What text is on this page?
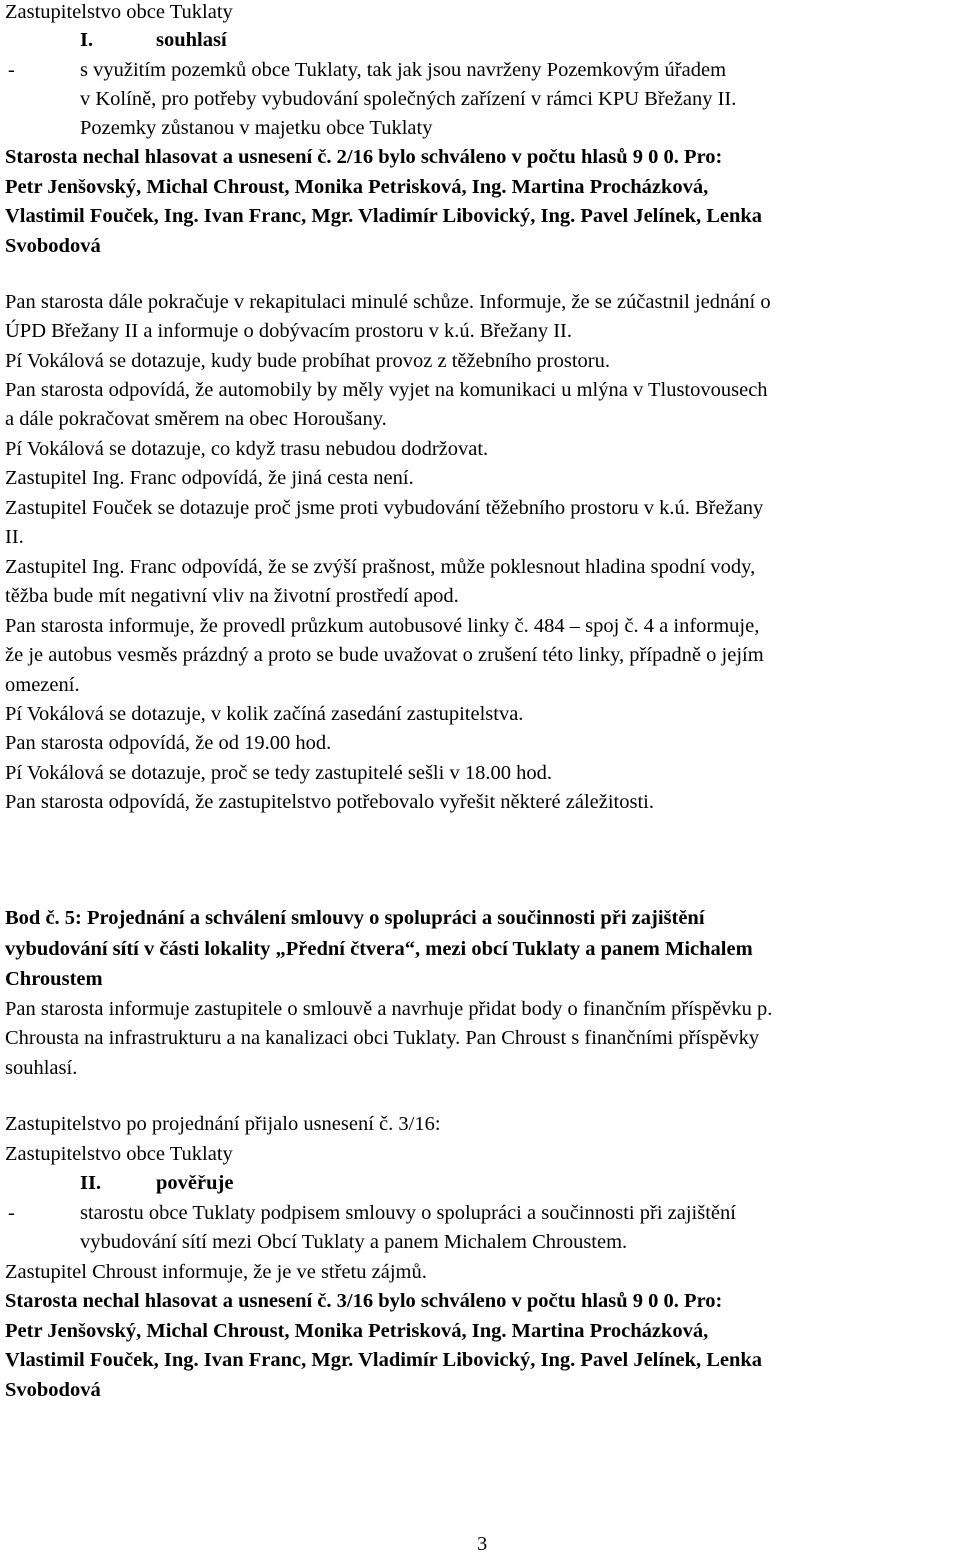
Zastupitelstvo obce Tuklaty
I.	souhlasí
-	s využitím pozemků obce Tuklaty, tak jak jsou navrženy Pozemkovým úřadem
v Kolíně, pro potřeby vybudování společných zařízení v rámci KPU Břežany II.
Pozemky zůstanou v majetku obce Tuklaty
Starosta nechal hlasovat a usnesení č. 2/16 bylo schváleno v počtu hlasů 9 0 0. Pro:
Petr Jenšovský, Michal Chroust, Monika Petrisková, Ing. Martina Procházková,
Vlastimil Fouček, Ing. Ivan Franc, Mgr. Vladimír Libovický, Ing. Pavel Jelínek, Lenka
Svobodová
Pan starosta dále pokračuje v rekapitulaci minulé schůze. Informuje, že se zúčastnil jednání o
ÚPD Břežany II a informuje o dobývacím prostoru v k.ú. Břežany II.
Pí Vokálová se dotazuje, kudy bude probíhat provoz z těžebního prostoru.
Pan starosta odpovídá, že automobily by měly vyjet na komunikaci u mlýna v Tlustovousech
a dále pokračovat směrem na obec Horoušany.
Pí Vokálová se dotazuje, co když trasu nebudou dodržovat.
Zastupitel Ing. Franc odpovídá, že jiná cesta není.
Zastupitel Fouček se dotazuje proč jsme proti vybudování těžebního prostoru v k.ú. Břežany
II.
Zastupitel Ing. Franc odpovídá, že se zvýší prašnost, může poklesnout hladina spodní vody,
těžba bude mít negativní vliv na životní prostředí apod.
Pan starosta informuje, že provedl průzkum autobusové linky č. 484 – spoj č. 4 a informuje,
že je autobus vesměs prázdný a proto se bude uvažovat o zrušení této linky, případně o jejím
omezení.
Pí Vokálová se dotazuje, v kolik začíná zasedání zastupitelstva.
Pan starosta odpovídá, že od 19.00 hod.
Pí Vokálová se dotazuje, proč se tedy zastupitelé sešli v 18.00 hod.
Pan starosta odpovídá, že zastupitelstvo potřebovalo vyřešit některé záležitosti.
Bod č. 5: Projednání a schválení smlouvy o spolupráci a součinnosti při zajištění
vybudování sítí v části lokality „Přední čtvera“, mezi obcí Tuklaty a panem Michalem
Chroustem
Pan starosta informuje zastupitele o smlouvě a navrhuje přidat body o finančním příspěvku p.
Chrousta na infrastrukturu a na kanalizaci obci Tuklaty. Pan Chroust s finančními příspěvky
souhlasí.
Zastupitelstvo po projednání přijalo usnesení č. 3/16:
Zastupitelstvo obce Tuklaty
II.	pověřuje
-	starostu obce Tuklaty podpisem smlouvy o spolupráci a součinnosti při zajištění
vybudování sítí mezi Obcí Tuklaty a panem Michalem Chroustem.
Zastupitel Chroust informuje, že je ve střetu zájmů.
Starosta nechal hlasovat a usnesení č. 3/16 bylo schváleno v počtu hlasů 9 0 0. Pro:
Petr Jenšovský, Michal Chroust, Monika Petrisková, Ing. Martina Procházková,
Vlastimil Fouček, Ing. Ivan Franc, Mgr. Vladimír Libovický, Ing. Pavel Jelínek, Lenka
Svobodová
3
